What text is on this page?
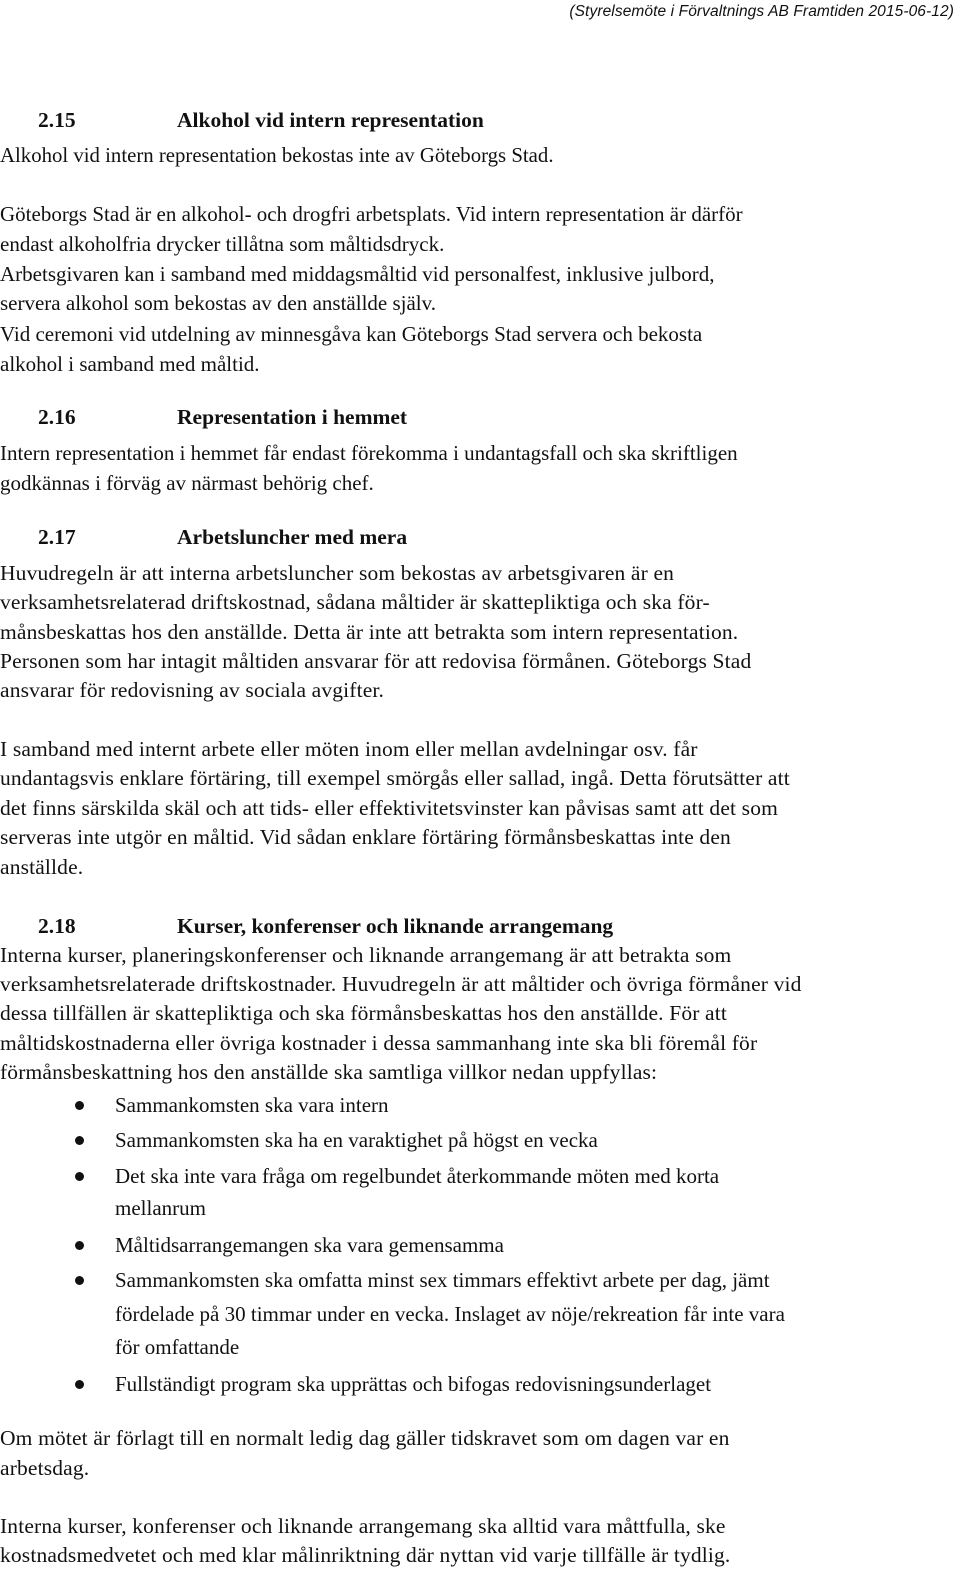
(Styrelsemöte i Förvaltnings AB Framtiden 2015-06-12)
2.15	Alkohol vid intern representation
Alkohol vid intern representation bekostas inte av Göteborgs Stad.
Göteborgs Stad är en alkohol- och drogfri arbetsplats. Vid intern representation är därför
endast alkoholfria drycker tillåtna som måltidsdryck.
Arbetsgivaren kan i samband med middagsmåltid vid personalfest, inklusive julbord,
servera alkohol som bekostas av den anställde själv.
Vid ceremoni vid utdelning av minnesgåva kan Göteborgs Stad servera och bekosta
alkohol i samband med måltid.
2.16	Representation i hemmet
Intern representation i hemmet får endast förekomma i undantagsfall och ska skriftligen
godkännas i förväg av närmast behörig chef.
2.17	Arbetsluncher med mera
Huvudregeln är att interna arbetsluncher som bekostas av arbetsgivaren är en
verksamhetsrelaterad driftskostnad, sådana måltider är skattepliktiga och ska för-
månsbeskattas hos den anställde. Detta är inte att betrakta som intern representation.
Personen som har intagit måltiden ansvarar för att redovisa förmånen. Göteborgs Stad
ansvarar för redovisning av sociala avgifter.
I samband med internt arbete eller möten inom eller mellan avdelningar osv. får
undantagsvis enklare förtäring, till exempel smörgås eller sallad, ingå. Detta förutsätter att
det finns särskilda skäl och att tids- eller effektivitetsvinster kan påvisas samt att det som
serveras inte utgör en måltid. Vid sådan enklare förtäring förmånsbeskattas inte den
anställde.
2.18	Kurser, konferenser och liknande arrangemang
Interna kurser, planeringskonferenser och liknande arrangemang är att betrakta som
verksamhetsrelaterade driftskostnader. Huvudregeln är att måltider och övriga förmåner vid
dessa tillfällen är skattepliktiga och ska förmånsbeskattas hos den anställde. För att
måltidskostnaderna eller övriga kostnader i dessa sammanhang inte ska bli föremål för
förmånsbeskattning hos den anställde ska samtliga villkor nedan uppfyllas:
Sammankomsten ska vara intern
Sammankomsten ska ha en varaktighet på högst en vecka
Det ska inte vara fråga om regelbundet återkommande möten med korta
mellanrum
Måltidsarrangemangen ska vara gemensamma
Sammankomsten ska omfatta minst sex timmars effektivt arbete per dag, jämt
fördelade på 30 timmar under en vecka. Inslaget av nöje/rekreation får inte vara
för omfattande
Fullständigt program ska upprättas och bifogas redovisningsunderlaget
Om mötet är förlagt till en normalt ledig dag gäller tidskravet som om dagen var en
arbetsdag.
Interna kurser, konferenser och liknande arrangemang ska alltid vara måttfulla, ske
kostnadsmedvetet och med klar målinriktning där nyttan vid varje tillfälle är tydlig.
